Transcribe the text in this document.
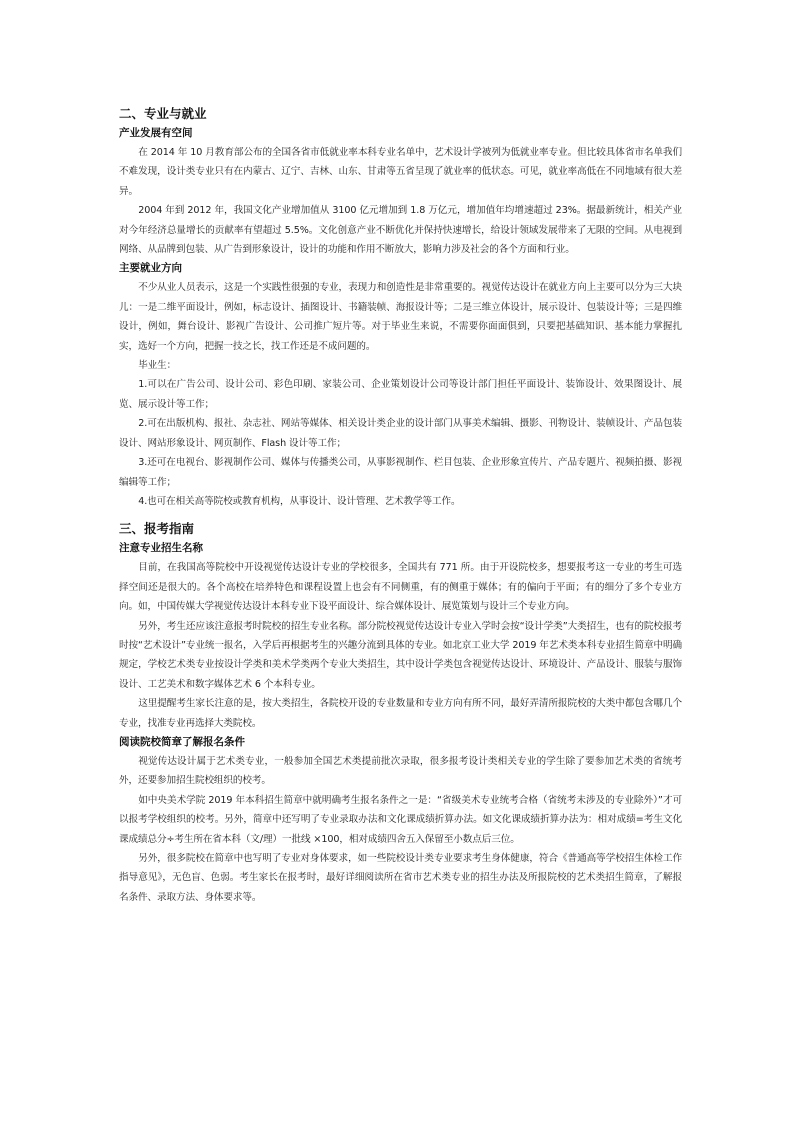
二、专业与就业
产业发展有空间

在 2014 年 10 月教育部公布的全国各省市低就业率本科专业名单中，艺术设计学被列为低就业率专业。但比较具体省市名单我们不难发现，设计类专业只有在内蒙古、辽宁、吉林、山东、甘肃等五省呈现了就业率的低状态。可见，就业率高低在不同地域有很大差异。

2004 年到 2012 年，我国文化产业增加值从 3100 亿元增加到 1.8 万亿元，增加值年均增速超过 23%。据最新统计，相关产业对今年经济总量增长的贡献率有望超过 5.5%。文化创意产业不断优化并保持快速增长，给设计领域发展带来了无限的空间。从电视到网络、从品牌到包装、从广告到形象设计，设计的功能和作用不断放大，影响力涉及社会的各个方面和行业。

主要就业方向

不少从业人员表示，这是一个实践性很强的专业，表现力和创造性是非常重要的。视觉传达设计在就业方向上主要可以分为三大块儿：一是二维平面设计，例如，标志设计、插图设计、书籍装帧、海报设计等；二是三维立体设计，展示设计、包装设计等；三是四维设计，例如，舞台设计、影视广告设计、公司推广短片等。对于毕业生来说，不需要你面面俱到，只要把基础知识、基本能力掌握扎实，选好一个方向，把握一技之长，找工作还是不成问题的。

毕业生：

1.可以在广告公司、设计公司、彩色印刷、家装公司、企业策划设计公司等设计部门担任平面设计、装饰设计、效果图设计、展览、展示设计等工作；

2.可在出版机构、报社、杂志社、网站等媒体、相关设计类企业的设计部门从事美术编辑、摄影、刊物设计、装帧设计、产品包装设计、网站形象设计、网页制作、Flash 设计等工作；

3.还可在电视台、影视制作公司、媒体与传播类公司，从事影视制作、栏目包装、企业形象宣传片、产品专题片、视频拍摄、影视编辑等工作；

4.也可在相关高等院校或教育机构，从事设计、设计管理、艺术教学等工作。

三、报考指南
注意专业招生名称

目前，在我国高等院校中开设视觉传达设计专业的学校很多，全国共有 771 所。由于开设院校多，想要报考这一专业的考生可选择空间还是很大的。各个高校在培养特色和课程设置上也会有不同侧重，有的侧重于媒体；有的偏向于平面；有的细分了多个专业方向。如，中国传媒大学视觉传达设计本科专业下设平面设计、综合媒体设计、展览策划与设计三个专业方向。

另外，考生还应该注意报考时院校的招生专业名称。部分院校视觉传达设计专业入学时会按“设计学类”大类招生，也有的院校报考时按“艺术设计”专业统一报名，入学后再根据考生的兴趣分流到具体的专业。如北京工业大学 2019 年艺术类本科专业招生简章中明确　规定，学校艺术类专业按设计学类和美术学类两个专业大类招生，其中设计学类包含视觉传达设计、环境设计、产品设计、服装与服饰设计、工艺美术和数字媒体艺术 6 个本科专业。

这里提醒考生家长注意的是，按大类招生，各院校开设的专业数量和专业方向有所不同，最好弄清所报院校的大类中都包含哪几个专业，找准专业再选择大类院校。

阅读院校简章了解报名条件

视觉传达设计属于艺术类专业，一般参加全国艺术类提前批次录取，很多报考设计类相关专业的学生除了要参加艺术类的省统考外，还要参加招生院校组织的校考。

如中央美术学院 2019 年本科招生简章中就明确考生报名条件之一是：“省级美术专业统考合格（省统考未涉及的专业除外）”才可以报考学校组织的校考。另外，简章中还写明了专业录取办法和文化课成绩折算办法。如文化课成绩折算办法为：相对成绩=考生文化课成绩总分÷考生所在省本科（文/理）一批线 ×100，相对成绩四舍五入保留至小数点后三位。

另外，很多院校在简章中也写明了专业对身体要求，如一些院校设计类专业要求考生身体健康，符合《普通高等学校招生体检工作指导意见》，无色盲、色弱。考生家长在报考时，最好详细阅读所在省市艺术类专业的招生办法及所报院校的艺术类招生简章，了解报名条件、录取方法、身体要求等。
